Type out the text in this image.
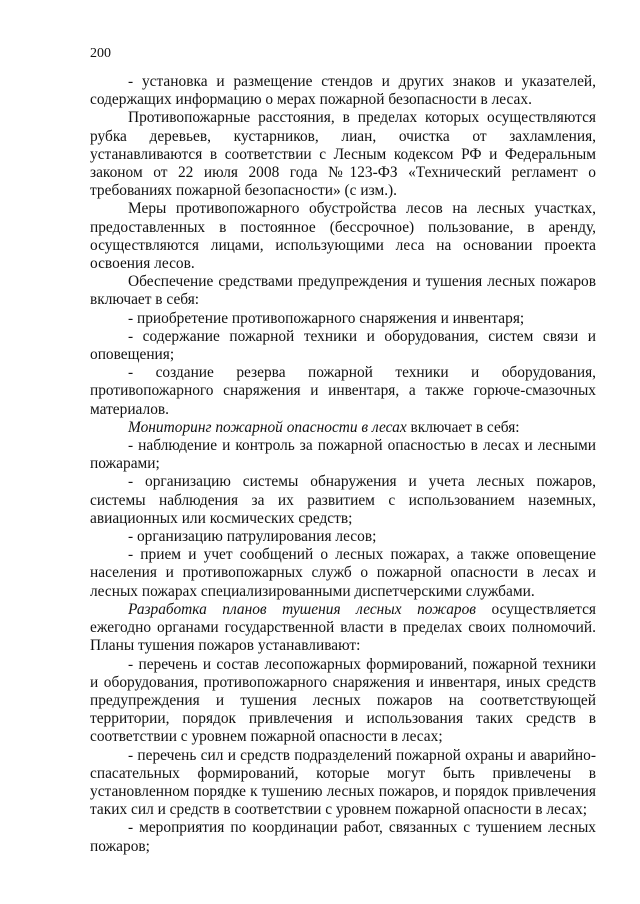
200

- установка и размещение стендов и других знаков и указателей, содержащих информацию о мерах пожарной безопасности в лесах.

Противопожарные расстояния, в пределах которых осуществляются рубка деревьев, кустарников, лиан, очистка от захламления, устанавливаются в соответствии с Лесным кодексом РФ и Федеральным законом от 22 июля 2008 года №123-ФЗ «Технический регламент о требованиях пожарной безопасности» (с изм.).

Меры противопожарного обустройства лесов на лесных участках, предоставленных в постоянное (бессрочное) пользование, в аренду, осуществляются лицами, использующими леса на основании проекта освоения лесов.

Обеспечение средствами предупреждения и тушения лесных пожаров включает в себя:

- приобретение противопожарного снаряжения и инвентаря;

- содержание пожарной техники и оборудования, систем связи и оповещения;

- создание резерва пожарной техники и оборудования, противопожарного снаряжения и инвентаря, а также горюче-смазочных материалов.

Мониторинг пожарной опасности в лесах включает в себя:

- наблюдение и контроль за пожарной опасностью в лесах и лесными пожарами;

- организацию системы обнаружения и учета лесных пожаров, системы наблюдения за их развитием с использованием наземных, авиационных или космических средств;

- организацию патрулирования лесов;

- прием и учет сообщений о лесных пожарах, а также оповещение населения и противопожарных служб о пожарной опасности в лесах и лесных пожарах специализированными диспетчерскими службами.

Разработка планов тушения лесных пожаров осуществляется ежегодно органами государственной власти в пределах своих полномочий. Планы тушения пожаров устанавливают:

- перечень и состав лесопожарных формирований, пожарной техники и оборудования, противопожарного снаряжения и инвентаря, иных средств предупреждения и тушения лесных пожаров на соответствующей территории, порядок привлечения и использования таких средств в соответствии с уровнем пожарной опасности в лесах;

- перечень сил и средств подразделений пожарной охраны и аварийно-спасательных формирований, которые могут быть привлечены в установленном порядке к тушению лесных пожаров, и порядок привлечения таких сил и средств в соответствии с уровнем пожарной опасности в лесах;

- мероприятия по координации работ, связанных с тушением лесных пожаров;
